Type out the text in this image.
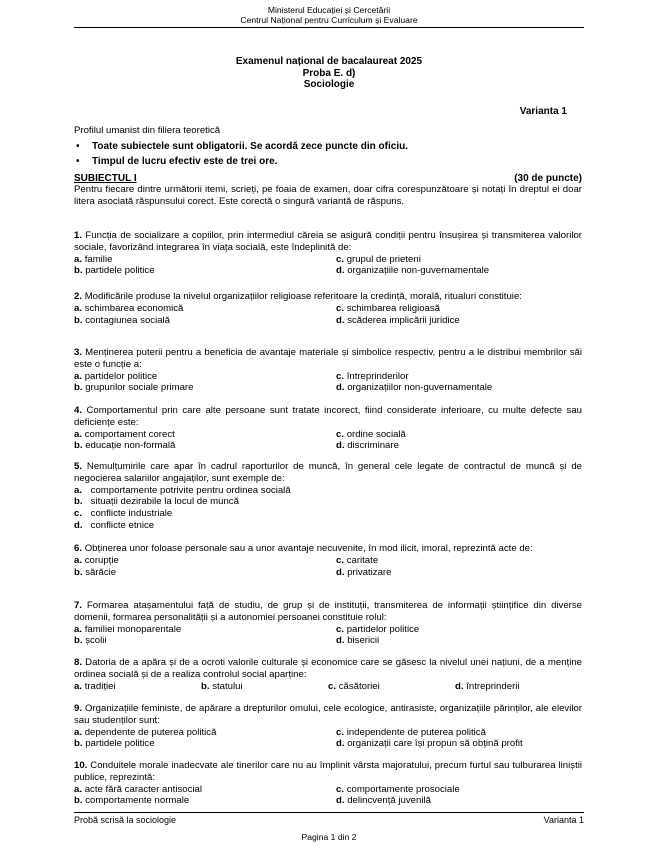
Ministerul Educației și Cercetării
Centrul Național pentru Curriculum și Evaluare
Examenul național de bacalaureat 2025
Proba E. d)
Sociologie
Varianta 1
Profilul umanist din filiera teoretică
• Toate subiectele sunt obligatorii. Se acordă zece puncte din oficiu.
• Timpul de lucru efectiv este de trei ore.
SUBIECTUL I	(30 de puncte)
Pentru fiecare dintre următorii itemi, scrieți, pe foaia de examen, doar cifra corespunzătoare și notați în dreptul ei doar litera asociată răspunsului corect. Este corectă o singură variantă de răspuns.
1. Funcția de socializare a copiilor, prin intermediul căreia se asigură condiții pentru însușirea și transmiterea valorilor sociale, favorizând integrarea în viața socială, este îndeplinită de:
a. familie	c. grupul de prieteni
b. partidele politice	d. organizațiile non-guvernamentale
2. Modificările produse la nivelul organizațiilor religioase referitoare la credință, morală, ritualuri constituie:
a. schimbarea economică	c. schimbarea religioasă
b. contagiunea socială	d. scăderea implicării juridice
3. Menținerea puterii pentru a beneficia de avantaje materiale și simbolice respectiv, pentru a le distribui membrilor săi este o funcție a:
a. partidelor politice	c. întreprinderilor
b. grupurilor sociale primare	d. organizațiilor non-guvernamentale
4. Comportamentul prin care alte persoane sunt tratate incorect, fiind considerate inferioare, cu multe defecte sau deficiențe este:
a. comportament corect	c. ordine socială
b. educație non-formală	d. discriminare
5. Nemulțumirile care apar în cadrul raporturilor de muncă, în general cele legate de contractul de muncă și de negocierea salariilor angajaților, sunt exemple de:
a. comportamente potrivite pentru ordinea socială
b. situații dezirabile la locul de muncă
c. conflicte industriale
d. conflicte etnice
6. Obținerea unor foloase personale sau a unor avantaje necuvenite, în mod ilicit, imoral, reprezintă acte de:
a. corupție	c. caritate
b. sărăcie	d. privatizare
7. Formarea atașamentului față de studiu, de grup și de instituții, transmiterea de informații științifice din diverse domenii, formarea personalității și a autonomiei persoanei constituie rolul:
a. familiei monoparentale	c. partidelor politice
b. școlii	d. bisericii
8. Datoria de a apăra și de a ocroti valorile culturale și economice care se găsesc la nivelul unei națiuni, de a menține ordinea socială și de a realiza controlul social aparține:
a. tradiției	b. statului	c. căsătoriei	d. întreprinderii
9. Organizațiile feministe, de apărare a drepturilor omului, cele ecologice, antirasiste, organizațiile părinților, ale elevilor sau studenților sunt:
a. dependente de puterea politică	c. independente de puterea politică
b. partidele politice	d. organizații care își propun să obțină profit
10. Conduitele morale inadecvate ale tinerilor care nu au împlinit vârsta majoratului, precum furtul sau tulburarea liniștii publice, reprezintă:
a. acte fără caracter antisocial	c. comportamente prosociale
b. comportamente normale	d. delincvență juvenilă
Probă scrisă la sociologie	Varianta 1
Pagina 1 din 2
